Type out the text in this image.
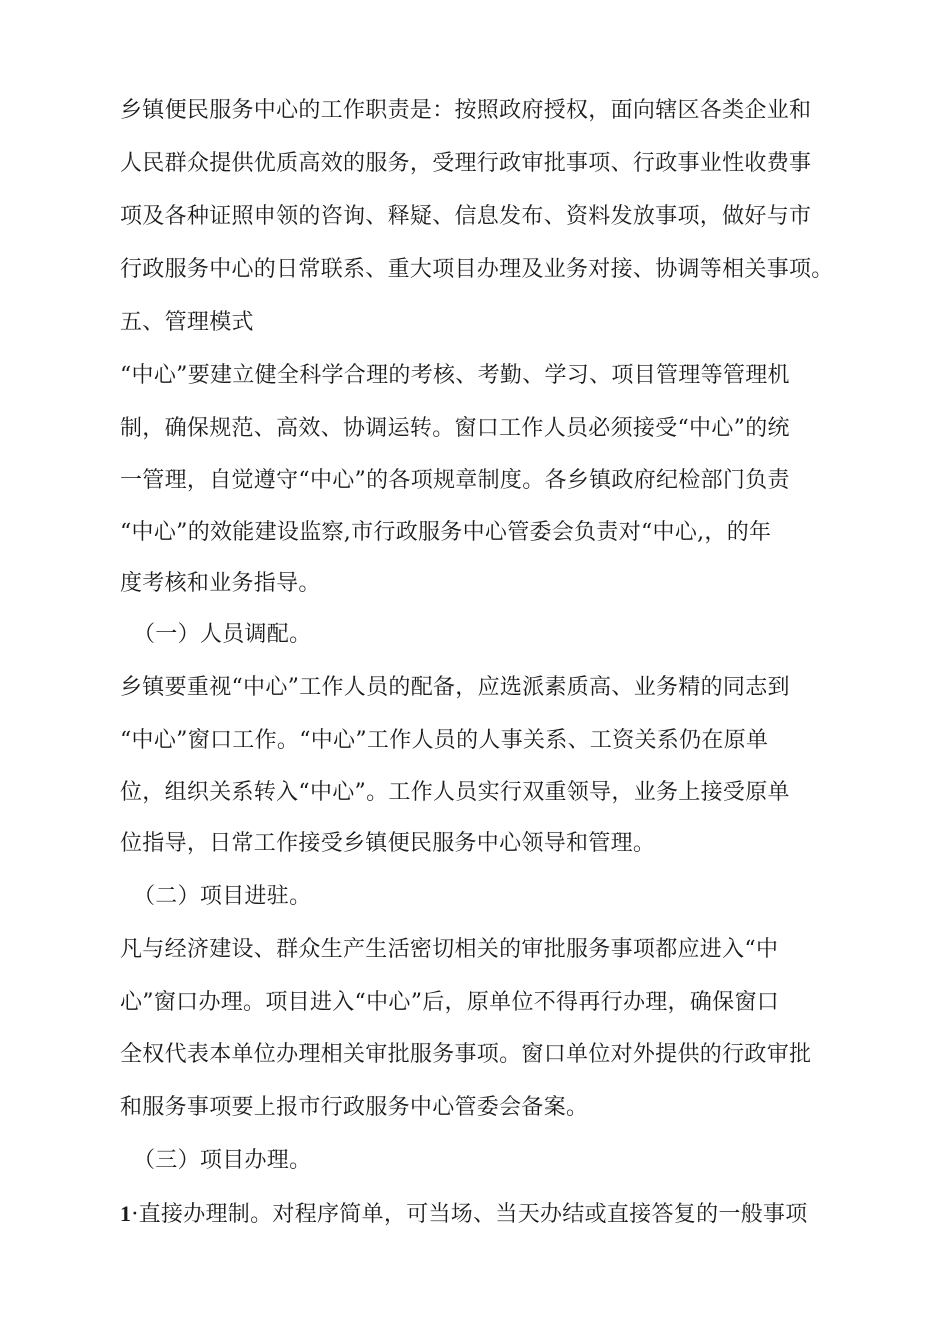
乡镇便民服务中心的工作职责是：按照政府授权，面向辖区各类企业和
人民群众提供优质高效的服务，受理行政审批事项、行政事业性收费事
项及各种证照申领的咨询、释疑、信息发布、资料发放事项，做好与市
行政服务中心的日常联系、重大项目办理及业务对接、协调等相关事项。
五、管理模式
“中心”要建立健全科学合理的考核、考勤、学习、项目管理等管理机
制，确保规范、高效、协调运转。窗口工作人员必须接受“中心”的统
一管理，自觉遵守“中心”的各项规章制度。各乡镇政府纪检部门负责
“中心”的效能建设监察,市行政服务中心管委会负责对“中心,，的年
度考核和业务指导。
（一）人员调配。
乡镇要重视“中心”工作人员的配备，应选派素质高、业务精的同志到
“中心”窗口工作。“中心”工作人员的人事关系、工资关系仍在原单
位，组织关系转入“中心”。工作人员实行双重领导，业务上接受原单
位指导，日常工作接受乡镇便民服务中心领导和管理。
（二）项目进驻。
凡与经济建设、群众生产生活密切相关的审批服务事项都应进入“中
心”窗口办理。项目进入“中心”后，原单位不得再行办理，确保窗口
全权代表本单位办理相关审批服务事项。窗口单位对外提供的行政审批
和服务事项要上报市行政服务中心管委会备案。
（三）项目办理。
1·直接办理制。对程序简单，可当场、当天办结或直接答复的一般事项
